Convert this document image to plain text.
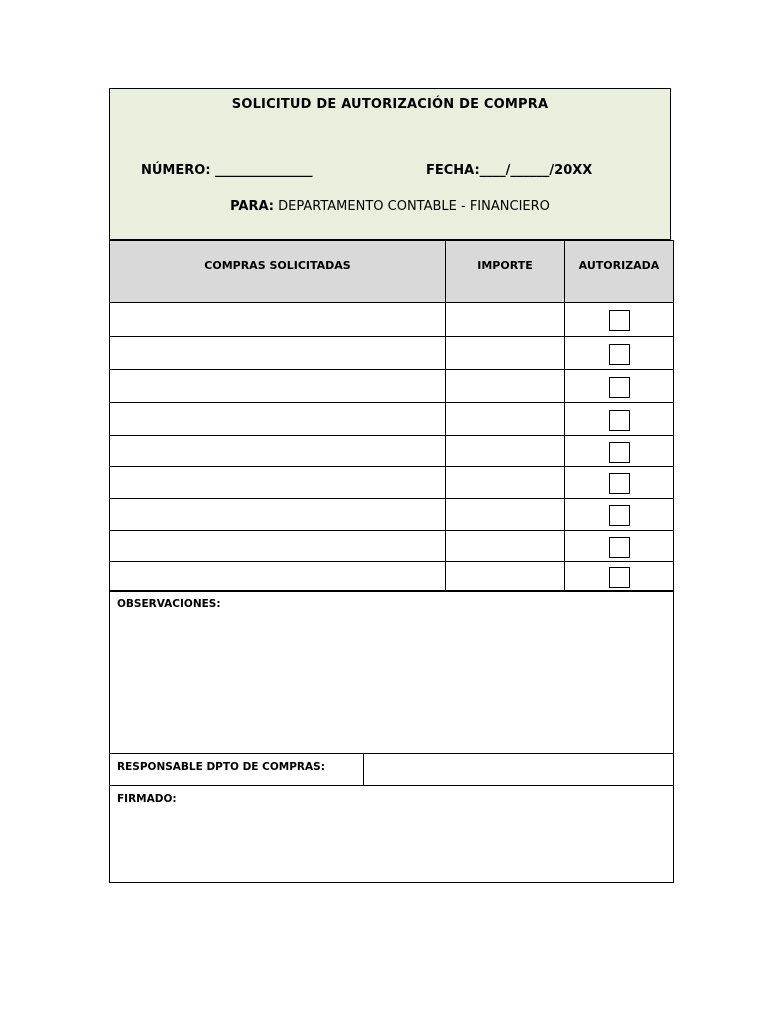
SOLICITUD DE AUTORIZACIÓN DE COMPRA
NÚMERO: _______________	FECHA:____/______/20XX
PARA: DEPARTAMENTO CONTABLE - FINANCIERO
COMPRAS SOLICITADAS	IMPORTE	AUTORIZADA
OBSERVACIONES:
RESPONSABLE DPTO DE COMPRAS:
FIRMADO:
